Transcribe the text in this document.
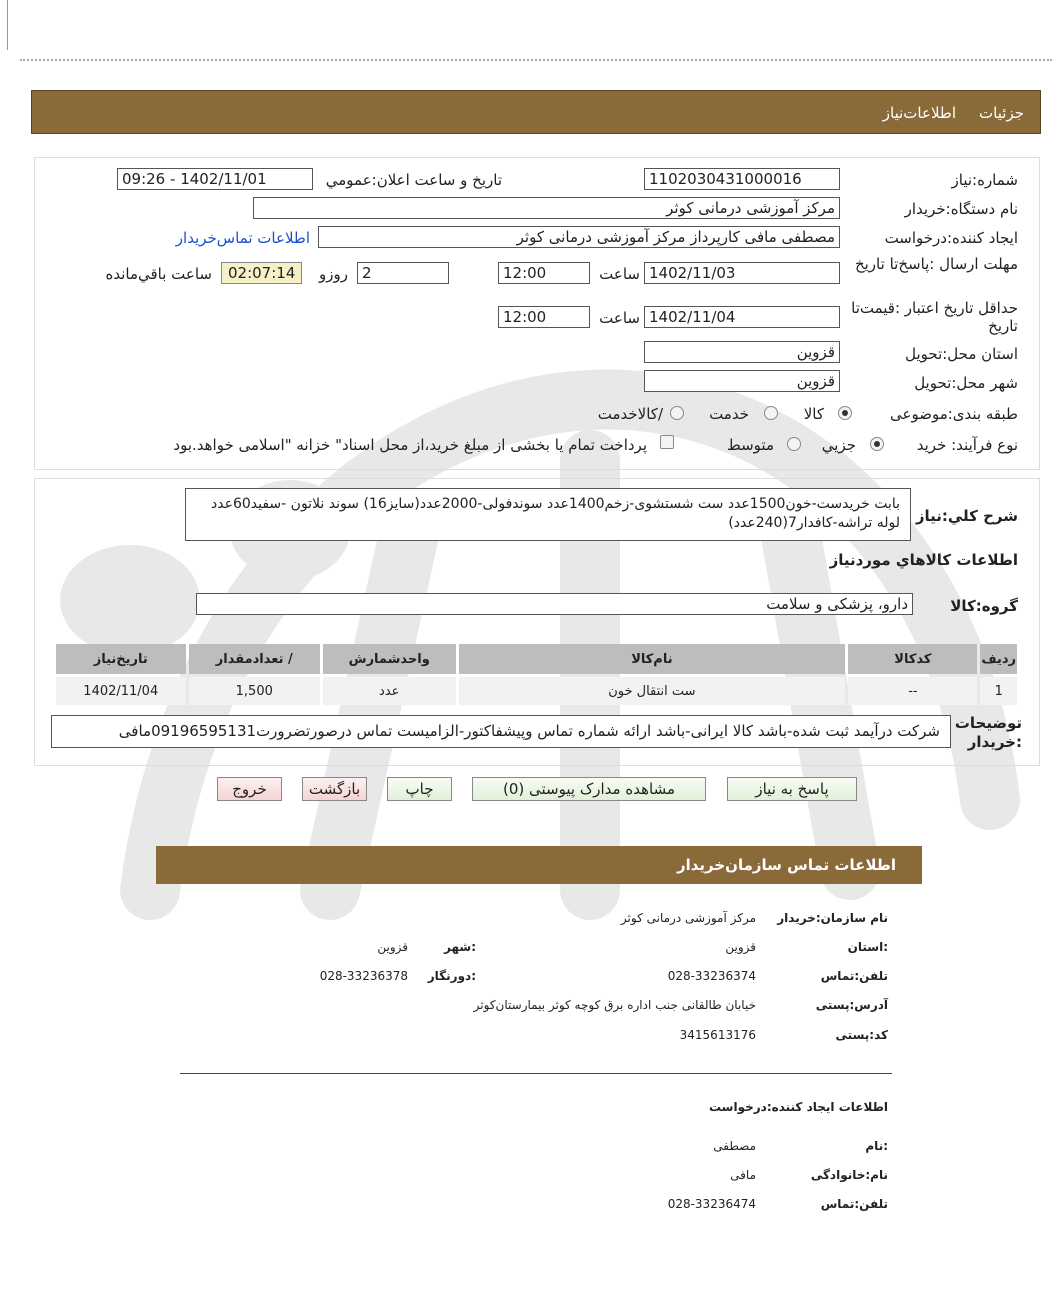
جزئیات
اطلاعات‌نیاز
شماره:نیاز
1102030431000016
تاريخ و ساعت اعلان:عمومي
1402/11/01 - 09:26
نام دستگاه:خريدار
مرکز آموزشی درمانی کوثر
ايجاد کننده:درخواست
مصطفی مافی کارپرداز مرکز آموزشی درمانی کوثر
اطلاعات تماس‌خريدار
مهلت ارسال :پاسخ‌تا تاريخ
1402/11/03
ساعت
12:00
2
روزو
02:07:14
ساعت باقي‌مانده
حداقل تاريخ اعتبار :قيمت‌تا تاريخ
1402/11/04
ساعت
12:00
استان محل:تحويل
قزوين
شهر محل:تحويل
قزوين
طبقه بندی:موضوعی
کالا
خدمت
/کالاخدمت
نوع فرآيند: خريد
جزيي
متوسط
پرداخت تمام يا بخشی از مبلغ خريد،از محل اسناد" خزانه "اسلامی خواهد.بود
شرح کلي:نياز
بابت خریدست-خون1500عدد ست شستشوی-زخم1400عدد سوندفولی-2000عدد(سایز16) سوند نلاتون -سفید60عدد لوله تراشه-کافدار7(240عدد)
اطلاعات کالاهاي موردنياز
گروه:کالا
دارو، پزشکی و سلامت
رديف	کدکالا	نام‌کالا	واحدشمارش	/ تعدادمقدار	تاريخ‌نياز
1	--	ست انتقال خون	عدد	1,500	1402/11/04
توضيحات :خريدار
شرکت درآیمد ثبت شده-باشد کالا ایرانی-باشد ارائه شماره تماس وپیشفاکتور-الزامیست تماس درصورتضرورت09196595131مافی
پاسخ به نياز
مشاهده مدارک پيوستی (0)
چاپ
بازگشت
خروج
اطلاعات تماس سازمان‌خريدار
نام سازمان:خريدار
مرکز آموزشی درمانی کوثر
:استان
قزوين
:شهر
قزوين
تلفن:تماس
028-33236374
:دورنگار
028-33236378
آدرس:پستی
خیابان طالقانی جنب اداره برق کوچه کوثر بیمارستان‌کوثر
کد:پستی
3415613176
اطلاعات ايجاد کننده:درخواست
:نام
مصطفی
نام:خانوادگی
مافی
تلفن:تماس
028-33236474
